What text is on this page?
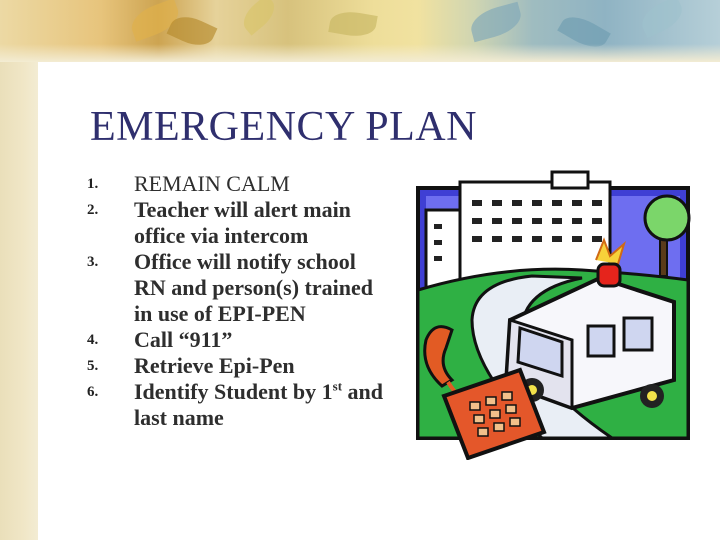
EMERGENCY PLAN
1.	REMAIN CALM
2.	Teacher will alert main office via intercom
3.	Office will notify school RN and person(s) trained in use of EPI-PEN
4.	Call “911”
5.	Retrieve Epi-Pen
6.	Identify Student by 1st and last name
